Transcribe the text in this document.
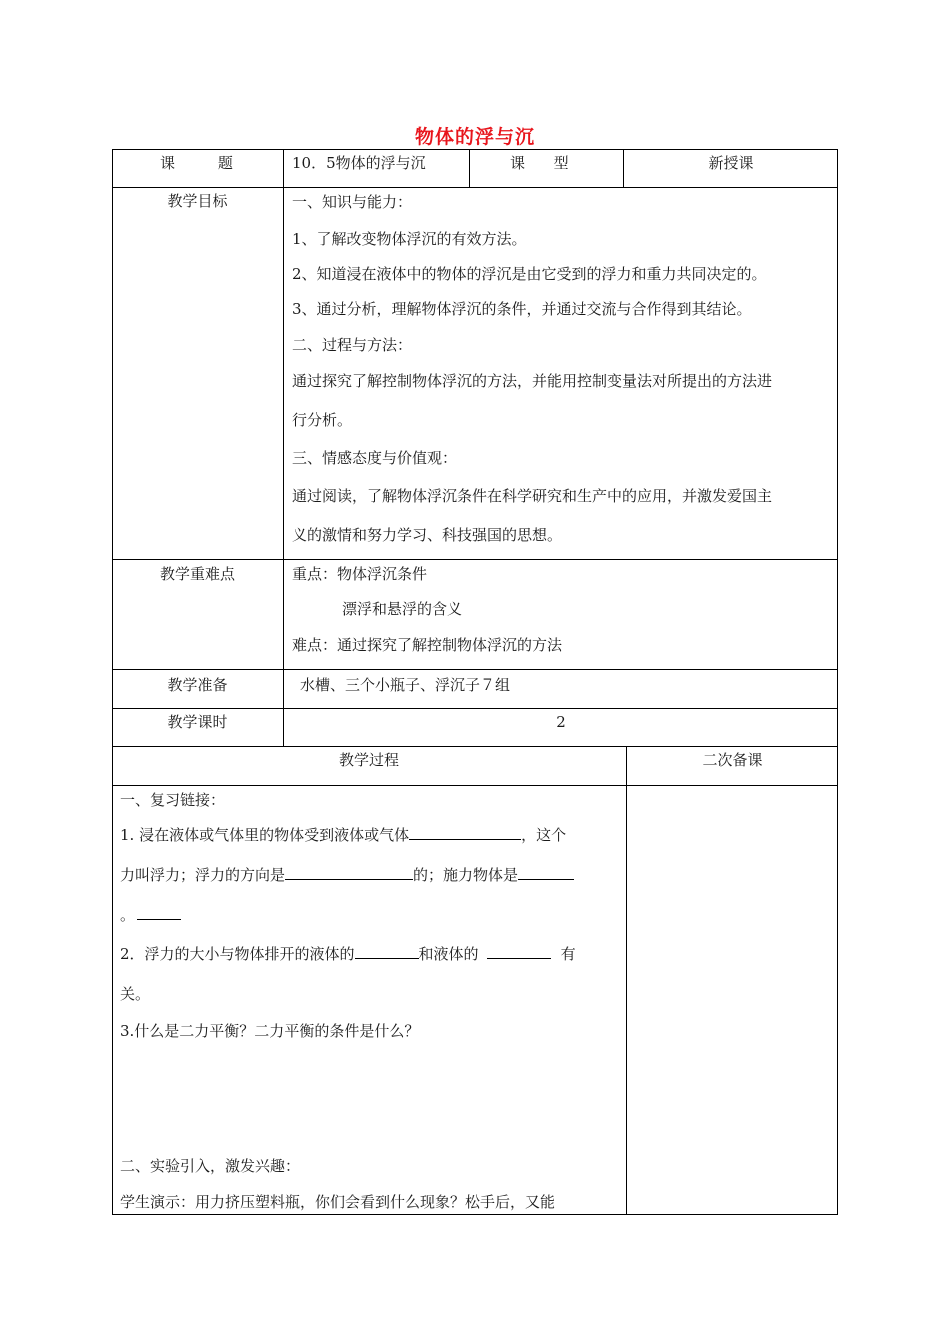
物体的浮与沉
课         题	10．5物体的浮与沉	课      型	新授课
教学目标	一、知识与能力：
1、了解改变物体浮沉的有效方法。
2、知道浸在液体中的物体的浮沉是由它受到的浮力和重力共同决定的。
3、通过分析，理解物体浮沉的条件，并通过交流与合作得到其结论。
二、过程与方法：
通过探究了解控制物体浮沉的方法，并能用控制变量法对所提出的方法进
行分析。
三、情感态度与价值观：
通过阅读，了解物体浮沉条件在科学研究和生产中的应用，并激发爱国主
义的激情和努力学习、科技强国的思想。
教学重难点	重点：物体浮沉条件
漂浮和悬浮的含义
难点：通过探究了解控制物体浮沉的方法
教学准备	水槽、三个小瓶子、浮沉子７组
教学课时	2
教学过程	二次备课
一、复习链接：
1. 浸在液体或气体里的物体受到液体或气体	，这个
力叫浮力；浮力的方向是	的；施力物体是
。
2．浮力的大小与物体排开的液体的	和液体的	有
关。
3.什么是二力平衡？二力平衡的条件是什么？
二、实验引入，激发兴趣：
学生演示：用力挤压塑料瓶，你们会看到什么现象？松手后，又能
